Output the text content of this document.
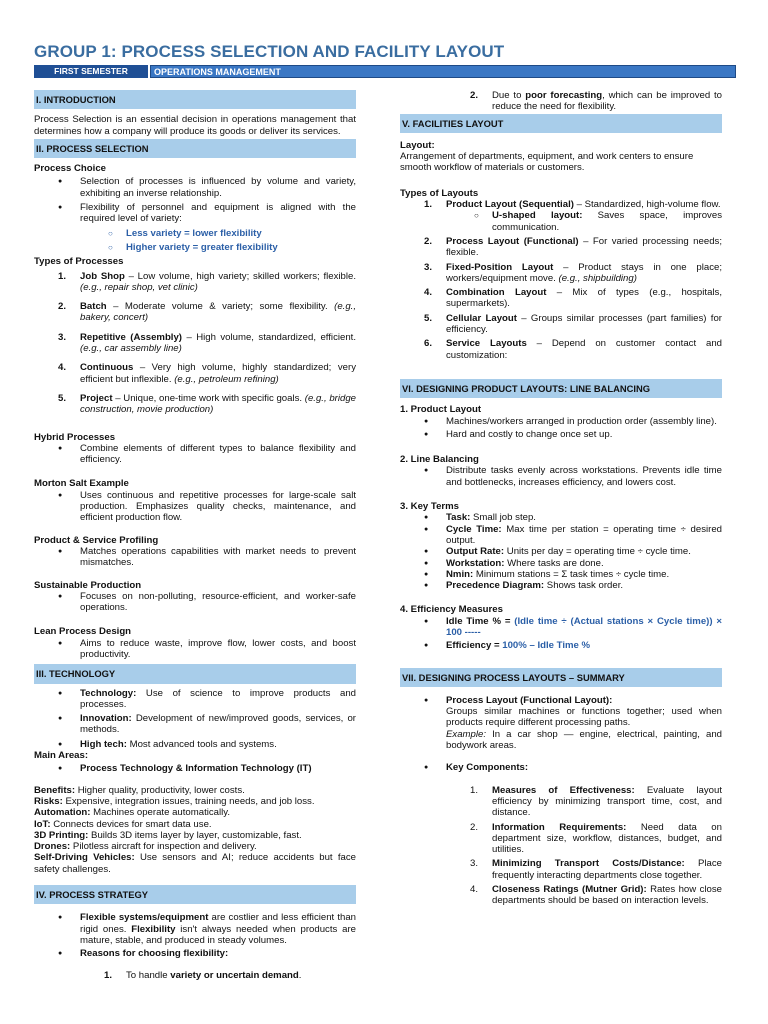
GROUP 1: PROCESS SELECTION AND FACILITY LAYOUT
FIRST SEMESTER	OPERATIONS MANAGEMENT
I. INTRODUCTION

Process Selection is an essential decision in operations management that determines how a company will produce its goods or deliver its services.

II. PROCESS SELECTION
Process Choice
● Selection of processes is influenced by volume and variety, exhibiting an inverse relationship.
● Flexibility of personnel and equipment is aligned with the required level of variety:
○ Less variety = lower flexibility
○ Higher variety = greater flexibility
Types of Processes
1. Job Shop – Low volume, high variety; skilled workers; flexible. (e.g., repair shop, vet clinic)
2. Batch – Moderate volume & variety; some flexibility. (e.g., bakery, concert)
3. Repetitive (Assembly) – High volume, standardized, efficient. (e.g., car assembly line)
4. Continuous – Very high volume, highly standardized; very efficient but inflexible. (e.g., petroleum refining)
5. Project – Unique, one-time work with specific goals. (e.g., bridge construction, movie production)
Hybrid Processes
● Combine elements of different types to balance flexibility and efficiency.
Morton Salt Example
● Uses continuous and repetitive processes for large-scale salt production. Emphasizes quality checks, maintenance, and efficient production flow.
Product & Service Profiling
● Matches operations capabilities with market needs to prevent mismatches.
Sustainable Production
● Focuses on non-polluting, resource-efficient, and worker-safe operations.
Lean Process Design
● Aims to reduce waste, improve flow, lower costs, and boost productivity.
III. TECHNOLOGY
● Technology: Use of science to improve products and processes.
● Innovation: Development of new/improved goods, services, or methods.
● High tech: Most advanced tools and systems.
Main Areas:
● Process Technology & Information Technology (IT)

Benefits: Higher quality, productivity, lower costs.

Risks: Expensive, integration issues, training needs, and job loss.

Automation: Machines operate automatically.

IoT: Connects devices for smart data use.

3D Printing: Builds 3D items layer by layer, customizable, fast.

Drones: Pilotless aircraft for inspection and delivery.

Self-Driving Vehicles: Use sensors and AI; reduce accidents but face safety challenges.

IV. PROCESS STRATEGY
● Flexible systems/equipment are costlier and less efficient than rigid ones. Flexibility isn't always needed when products are mature, stable, and produced in steady volumes.
● Reasons for choosing flexibility:
1. To handle variety or uncertain demand.
2. Due to poor forecasting, which can be improved to reduce the need for flexibility.
V. FACILITIES LAYOUT
Layout:

Arrangement of departments, equipment, and work centers to ensure smooth workflow of materials or customers.

Types of Layouts
1. Product Layout (Sequential) – Standardized, high-volume flow.
○ U-shaped layout: Saves space, improves communication.
2. Process Layout (Functional) – For varied processing needs; flexible.
3. Fixed-Position Layout – Product stays in one place; workers/equipment move. (e.g., shipbuilding)
4. Combination Layout – Mix of types (e.g., hospitals, supermarkets).
5. Cellular Layout – Groups similar processes (part families) for efficiency.
6. Service Layouts – Depend on customer contact and customization:
VI. DESIGNING PRODUCT LAYOUTS: LINE BALANCING
1. Product Layout
● Machines/workers arranged in production order (assembly line).
● Hard and costly to change once set up.
2. Line Balancing
● Distribute tasks evenly across workstations. Prevents idle time and bottlenecks, increases efficiency, and lowers cost.
3. Key Terms
● Task: Small job step.
● Cycle Time: Max time per station = operating time ÷ desired output.
● Output Rate: Units per day = operating time ÷ cycle time.
● Workstation: Where tasks are done.
● Nmin: Minimum stations = Σ task times ÷ cycle time.
● Precedence Diagram: Shows task order.
4. Efficiency Measures
● Idle Time % = (Idle time ÷ (Actual stations × Cycle time)) × 100 -----
● Efficiency = 100% – Idle Time %
VII. DESIGNING PROCESS LAYOUTS – SUMMARY
● Process Layout (Functional Layout):
Groups similar machines or functions together; used when products require different processing paths.
Example: In a car shop — engine, electrical, painting, and bodywork areas.
● Key Components:
1. Measures of Effectiveness: Evaluate layout efficiency by minimizing transport time, cost, and distance.
2. Information Requirements: Need data on department size, workflow, distances, budget, and utilities.
3. Minimizing Transport Costs/Distance: Place frequently interacting departments close together.
4. Closeness Ratings (Mutner Grid): Rates how close departments should be based on interaction levels.
